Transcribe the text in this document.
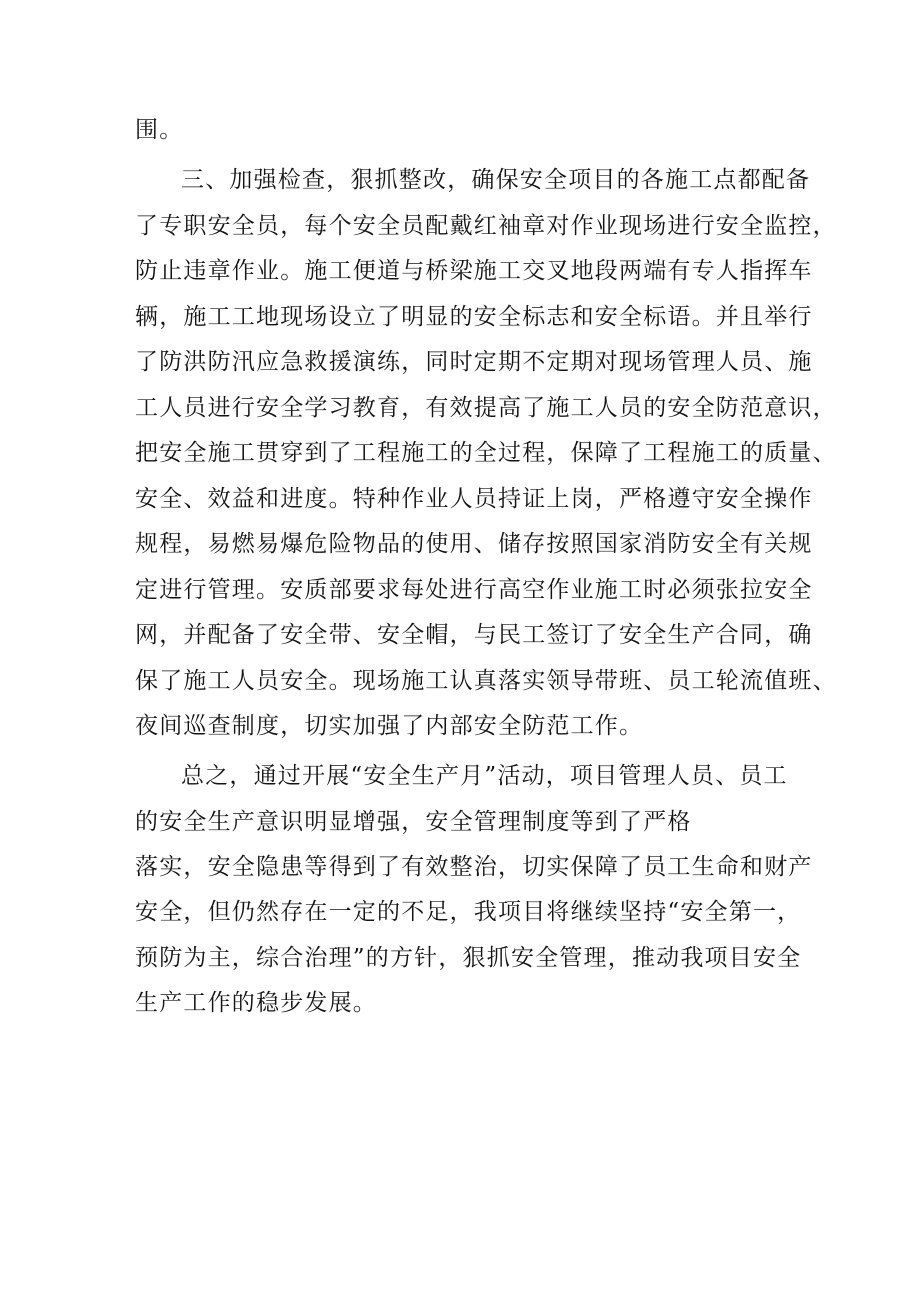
围。
三、加强检查，狠抓整改，确保安全项目的各施工点都配备
了专职安全员，每个安全员配戴红袖章对作业现场进行安全监控，
防止违章作业。施工便道与桥梁施工交叉地段两端有专人指挥车
辆，施工工地现场设立了明显的安全标志和安全标语。并且举行
了防洪防汛应急救援演练，同时定期不定期对现场管理人员、施
工人员进行安全学习教育，有效提高了施工人员的安全防范意识，
把安全施工贯穿到了工程施工的全过程，保障了工程施工的质量、
安全、效益和进度。特种作业人员持证上岗，严格遵守安全操作
规程，易燃易爆危险物品的使用、储存按照国家消防安全有关规
定进行管理。安质部要求每处进行高空作业施工时必须张拉安全
网，并配备了安全带、安全帽，与民工签订了安全生产合同，确
保了施工人员安全。现场施工认真落实领导带班、员工轮流值班、
夜间巡查制度，切实加强了内部安全防范工作。
总之，通过开展“安全生产月”活动，项目管理人员、员工
的安全生产意识明显增强，安全管理制度等到了严格
落实，安全隐患等得到了有效整治，切实保障了员工生命和财产
安全，但仍然存在一定的不足，我项目将继续坚持“安全第一，
预防为主，综合治理”的方针，狠抓安全管理，推动我项目安全
生产工作的稳步发展。
